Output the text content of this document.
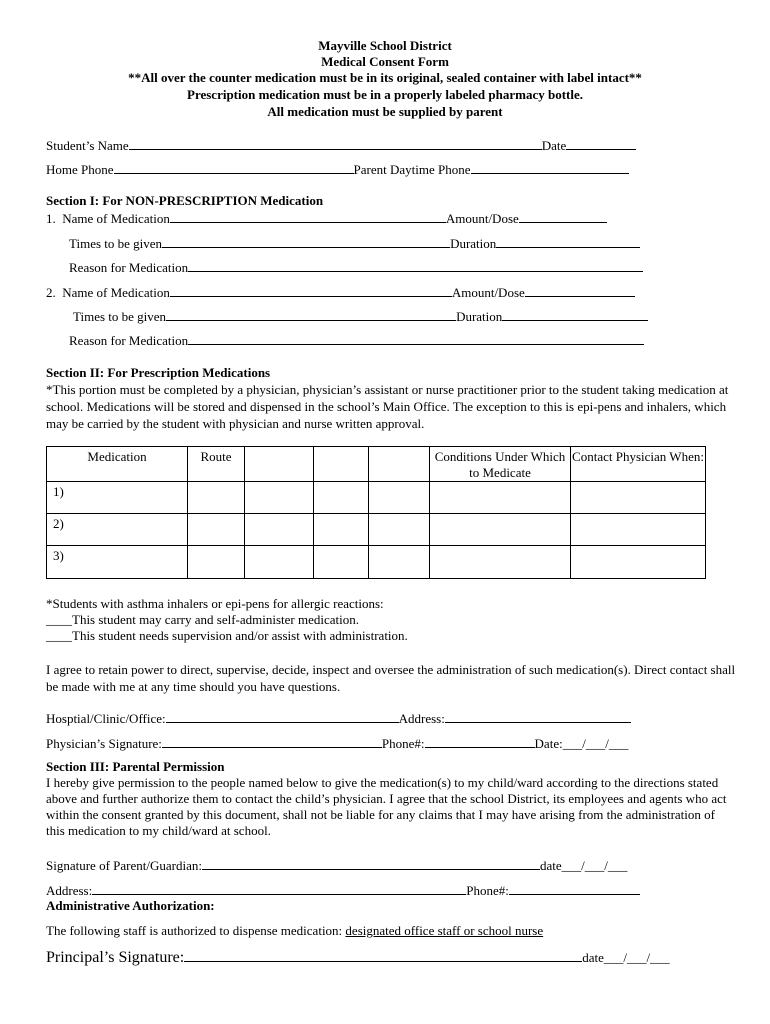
Mayville School District
Medical Consent Form
**All over the counter medication must be in its original, sealed container with label intact**
Prescription medication must be in a properly labeled pharmacy bottle.
All medication must be supplied by parent
Student’s Name	Date
Home Phone	Parent Daytime Phone
Section I: For NON-PRESCRIPTION Medication
1. Name of Medication	Amount/Dose
Times to be given	Duration
Reason for Medication
2. Name of Medication	Amount/Dose
Times to be given	Duration
Reason for Medication
Section II: For Prescription Medications
*This portion must be completed by a physician, physician’s assistant or nurse practitioner prior to the student taking medication at school. Medications will be stored and dispensed in the school’s Main Office. The exception to this is epi-pens and inhalers, which may be carried by the student with physician and nurse written approval.
Medication	Route				Conditions Under Which to Medicate	Contact Physician When:
1)						
2)						
3)						
*Students with asthma inhalers or epi-pens for allergic reactions:
____This student may carry and self-administer medication.
____This student needs supervision and/or assist with administration.
I agree to retain power to direct, supervise, decide, inspect and oversee the administration of such medication(s). Direct contact shall be made with me at any time should you have questions.
Hosptial/Clinic/Office:	Address:
Physician’s Signature:	Phone#:	Date:___/___/___
Section III: Parental Permission
I hereby give permission to the people named below to give the medication(s) to my child/ward according to the directions stated above and further authorize them to contact the child’s physician. I agree that the school District, its employees and agents who act within the consent granted by this document, shall not be liable for any claims that I may have arising from the administration of this medication to my child/ward at school.
Signature of Parent/Guardian:	date___/___/___
Address:	Phone#:
Administrative Authorization:
The following staff is authorized to dispense medication: designated office staff or school nurse
Principal’s Signature:	date___/___/___
